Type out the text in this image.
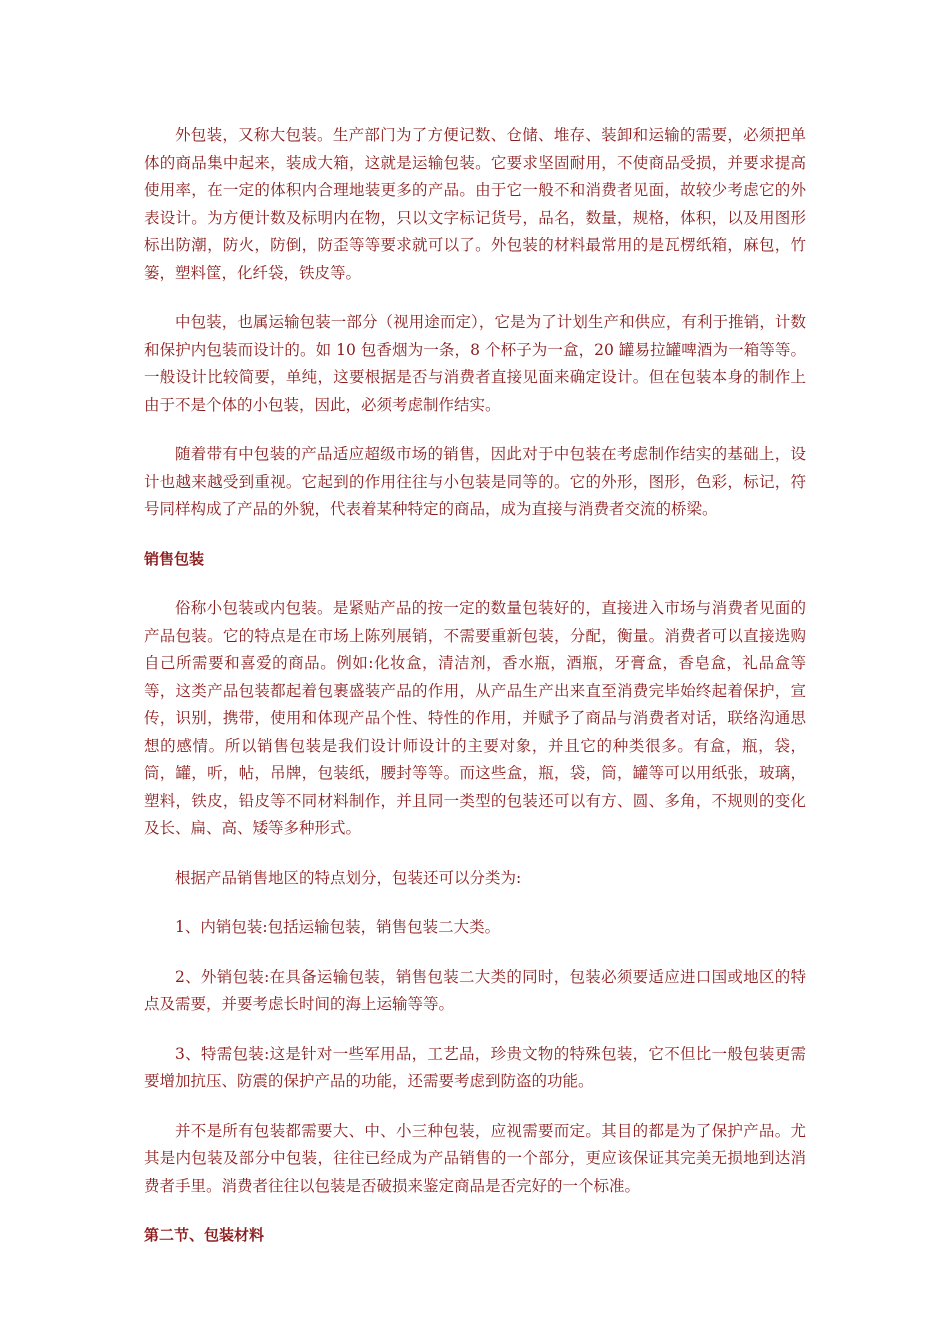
外包装，又称大包装。生产部门为了方便记数、仓储、堆存、装卸和运输的需要，必须把单体的商品集中起来，装成大箱，这就是运输包装。它要求坚固耐用，不使商品受损，并要求提高使用率，在一定的体积内合理地装更多的产品。由于它一般不和消费者见面，故较少考虑它的外表设计。为方便计数及标明内在物，只以文字标记货号，品名，数量，规格，体积，以及用图形标出防潮，防火，防倒，防歪等等要求就可以了。外包装的材料最常用的是瓦楞纸箱，麻包，竹篓，塑料筐，化纤袋，铁皮等。

中包装，也属运输包装一部分（视用途而定），它是为了计划生产和供应，有利于推销，计数和保护内包装而设计的。如 10 包香烟为一条，8 个杯子为一盒，20 罐易拉罐啤酒为一箱等等。一般设计比较简要，单纯，这要根据是否与消费者直接见面来确定设计。但在包装本身的制作上由于不是个体的小包装，因此，必须考虑制作结实。

随着带有中包装的产品适应超级市场的销售，因此对于中包装在考虑制作结实的基础上，设计也越来越受到重视。它起到的作用往往与小包装是同等的。它的外形，图形，色彩，标记，符号同样构成了产品的外貌，代表着某种特定的商品，成为直接与消费者交流的桥梁。

销售包装

俗称小包装或内包装。是紧贴产品的按一定的数量包装好的，直接进入市场与消费者见面的产品包装。它的特点是在市场上陈列展销，不需要重新包装，分配，衡量。消费者可以直接选购自己所需要和喜爱的商品。例如:化妆盒，清洁剂，香水瓶，酒瓶，牙膏盒，香皂盒，礼品盒等等，这类产品包装都起着包裹盛装产品的作用，从产品生产出来直至消费完毕始终起着保护，宣传，识别，携带，使用和体现产品个性、特性的作用，并赋予了商品与消费者对话，联络沟通思想的感情。所以销售包装是我们设计师设计的主要对象，并且它的种类很多。有盒，瓶，袋，筒，罐，听，帖，吊牌，包装纸，腰封等等。而这些盒，瓶，袋，筒，罐等可以用纸张，玻璃，塑料，铁皮，铅皮等不同材料制作，并且同一类型的包装还可以有方、圆、多角，不规则的变化及长、扁、高、矮等多种形式。

根据产品销售地区的特点划分，包装还可以分类为:

1、内销包装:包括运输包装，销售包装二大类。

2、外销包装:在具备运输包装，销售包装二大类的同时，包装必须要适应进口国或地区的特点及需要，并要考虑长时间的海上运输等等。

3、特需包装:这是针对一些军用品，工艺品，珍贵文物的特殊包装，它不但比一般包装更需要增加抗压、防震的保护产品的功能，还需要考虑到防盗的功能。

并不是所有包装都需要大、中、小三种包装，应视需要而定。其目的都是为了保护产品。尤其是内包装及部分中包装，往往已经成为产品销售的一个部分，更应该保证其完美无损地到达消费者手里。消费者往往以包装是否破损来鉴定商品是否完好的一个标准。

第二节、包装材料
